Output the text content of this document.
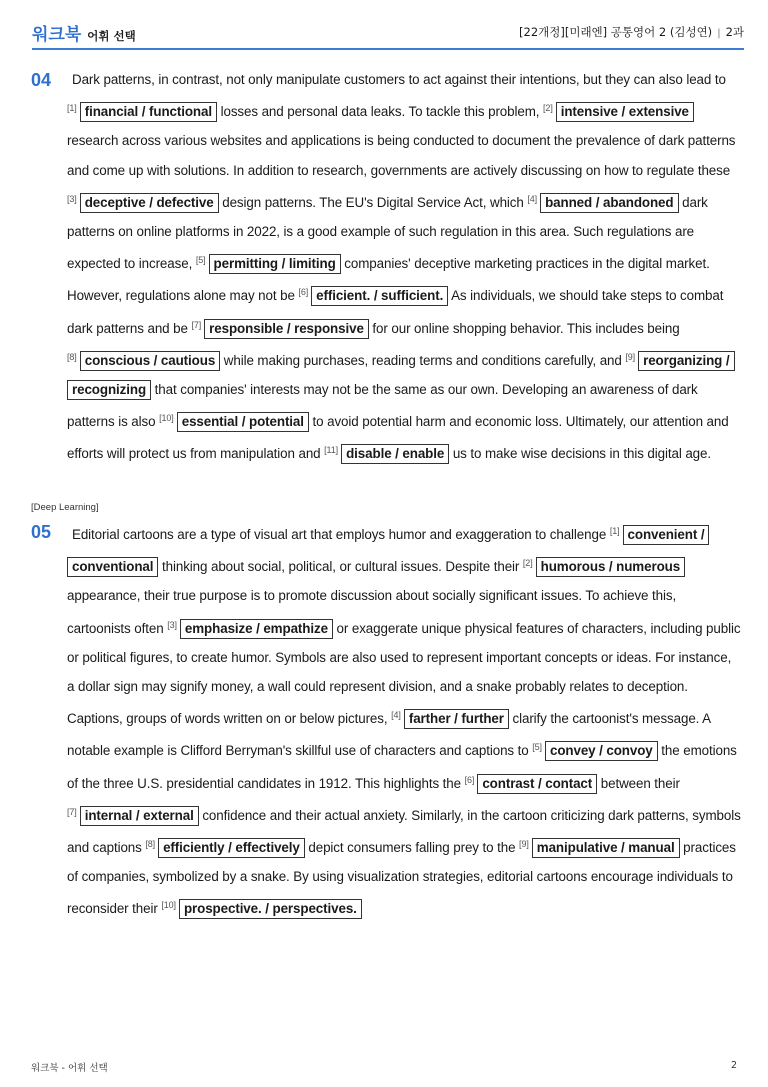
워크북 어휘 선택	[22개정][미래엔] 공통영어 2 (김성연) | 2과
04	Dark patterns, in contrast, not only manipulate customers to act against their intentions, but they can also lead to [1] financial / functional losses and personal data leaks. To tackle this problem, [2] intensive / extensive research across various websites and applications is being conducted to document the prevalence of dark patterns and come up with solutions. In addition to research, governments are actively discussing on how to regulate these [3] deceptive / defective design patterns. The EU's Digital Service Act, which [4] banned / abandoned dark patterns on online platforms in 2022, is a good example of such regulation in this area. Such regulations are expected to increase, [5] permitting / limiting companies' deceptive marketing practices in the digital market. However, regulations alone may not be [6] efficient. / sufficient. As individuals, we should take steps to combat dark patterns and be [7] responsible / responsive for our online shopping behavior. This includes being [8] conscious / cautious while making purchases, reading terms and conditions carefully, and [9] reorganizing / recognizing that companies' interests may not be the same as our own. Developing an awareness of dark patterns is also [10] essential / potential to avoid potential harm and economic loss. Ultimately, our attention and efforts will protect us from manipulation and [11] disable / enable us to make wise decisions in this digital age.
[Deep Learning]
05	Editorial cartoons are a type of visual art that employs humor and exaggeration to challenge [1] convenient / conventional thinking about social, political, or cultural issues. Despite their [2] humorous / numerous appearance, their true purpose is to promote discussion about socially significant issues. To achieve this, cartoonists often [3] emphasize / empathize or exaggerate unique physical features of characters, including public or political figures, to create humor. Symbols are also used to represent important concepts or ideas. For instance, a dollar sign may signify money, a wall could represent division, and a snake probably relates to deception. Captions, groups of words written on or below pictures, [4] farther / further clarify the cartoonist's message. A notable example is Clifford Berryman's skillful use of characters and captions to [5] convey / convoy the emotions of the three U.S. presidential candidates in 1912. This highlights the [6] contrast / contact between their [7] internal / external confidence and their actual anxiety. Similarly, in the cartoon criticizing dark patterns, symbols and captions [8] efficiently / effectively depict consumers falling prey to the [9] manipulative / manual practices of companies, symbolized by a snake. By using visualization strategies, editorial cartoons encourage individuals to reconsider their [10] prospective. / perspectives.
워크북 - 어휘 선택	2
